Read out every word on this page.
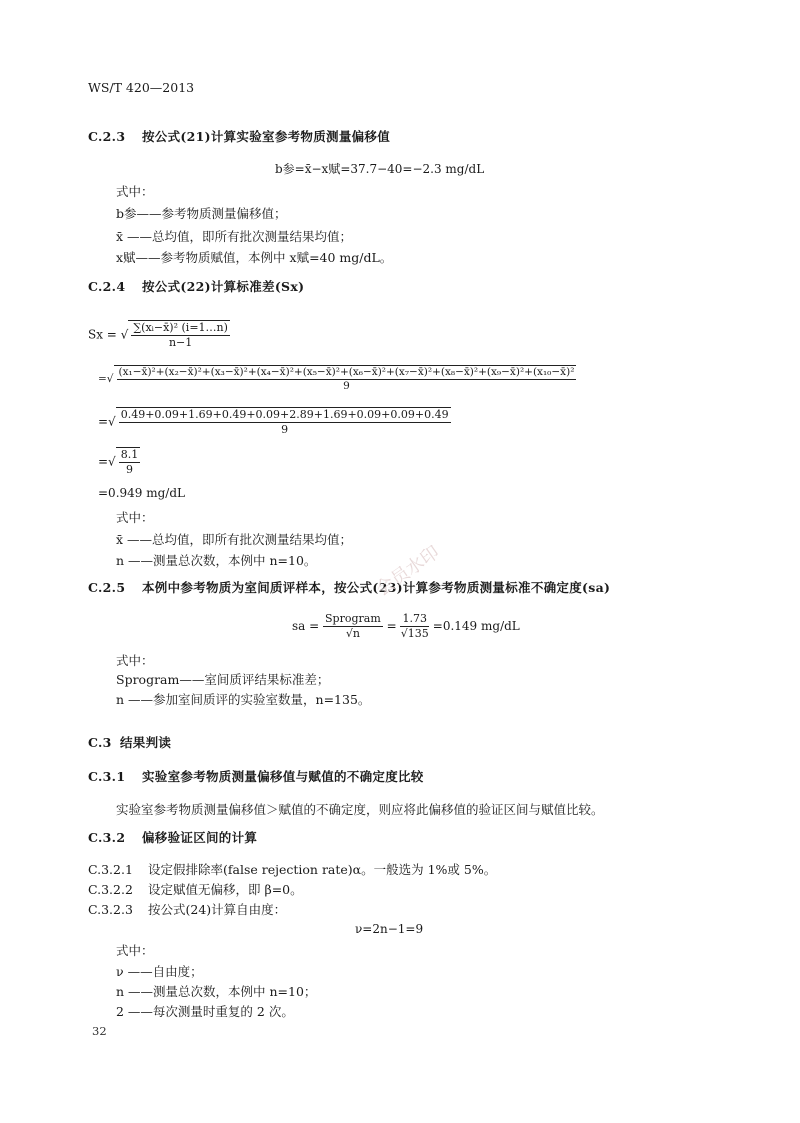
WS/T 420—2013
C.2.3 按公式(21)计算实验室参考物质测量偏移值
b参=x̄−x赋=37.7−40=−2.3 mg/dL
式中：
b参——参考物质测量偏移值；
x̄ ——总均值，即所有批次测量结果均值；
x赋——参考物质赋值，本例中 x赋=40 mg/dL。
C.2.4 按公式(22)计算标准差(Sx)
Sx = √ $\frac{\text{∑(xᵢ−x̄)² (i=1…n)}}{n-1}$
=√
(x₁−x̄)²+(x₂−x̄)²+(x₃−x̄)²+(x₄−x̄)²+(x₅−x̄)²+(x₆−x̄)²+(x₇−x̄)²+(x₈−x̄)²+(x₉−x̄)²+(x₁₀−x̄)²
9
=√ $\frac{0.49+0.09+1.69+0.49+0.09+2.89+1.69+0.09+0.09+0.49}{9}$
=√ $\frac{8.1}{9}$
=0.949 mg/dL
式中：
x̄ ——总均值，即所有批次测量结果均值；
n ——测量总次数，本例中 n=10。
C.2.5 本例中参考物质为室间质评样本，按公式(23)计算参考物质测量标准不确定度(sa)
sa = $\frac{\text{Sprogram}}{√n} = \frac{1.73}{√135} =0.149$ mg/dL
式中：
Sprogram——室间质评结果标准差；
n ——参加室间质评的实验室数量，n=135。
C.3 结果判读
C.3.1 实验室参考物质测量偏移值与赋值的不确定度比较
实验室参考物质测量偏移值＞赋值的不确定度，则应将此偏移值的验证区间与赋值比较。
C.3.2 偏移验证区间的计算
C.3.2.1 设定假排除率(false rejection rate)α。一般选为 1%或 5%。
C.3.2.2 设定赋值无偏移，即 β=0。
C.3.2.3 按公式(24)计算自由度：
ν=2n−1=9
式中：
ν ——自由度；
n ——测量总次数，本例中 n=10；
2 ——每次测量时重复的 2 次。
会员水印
32
